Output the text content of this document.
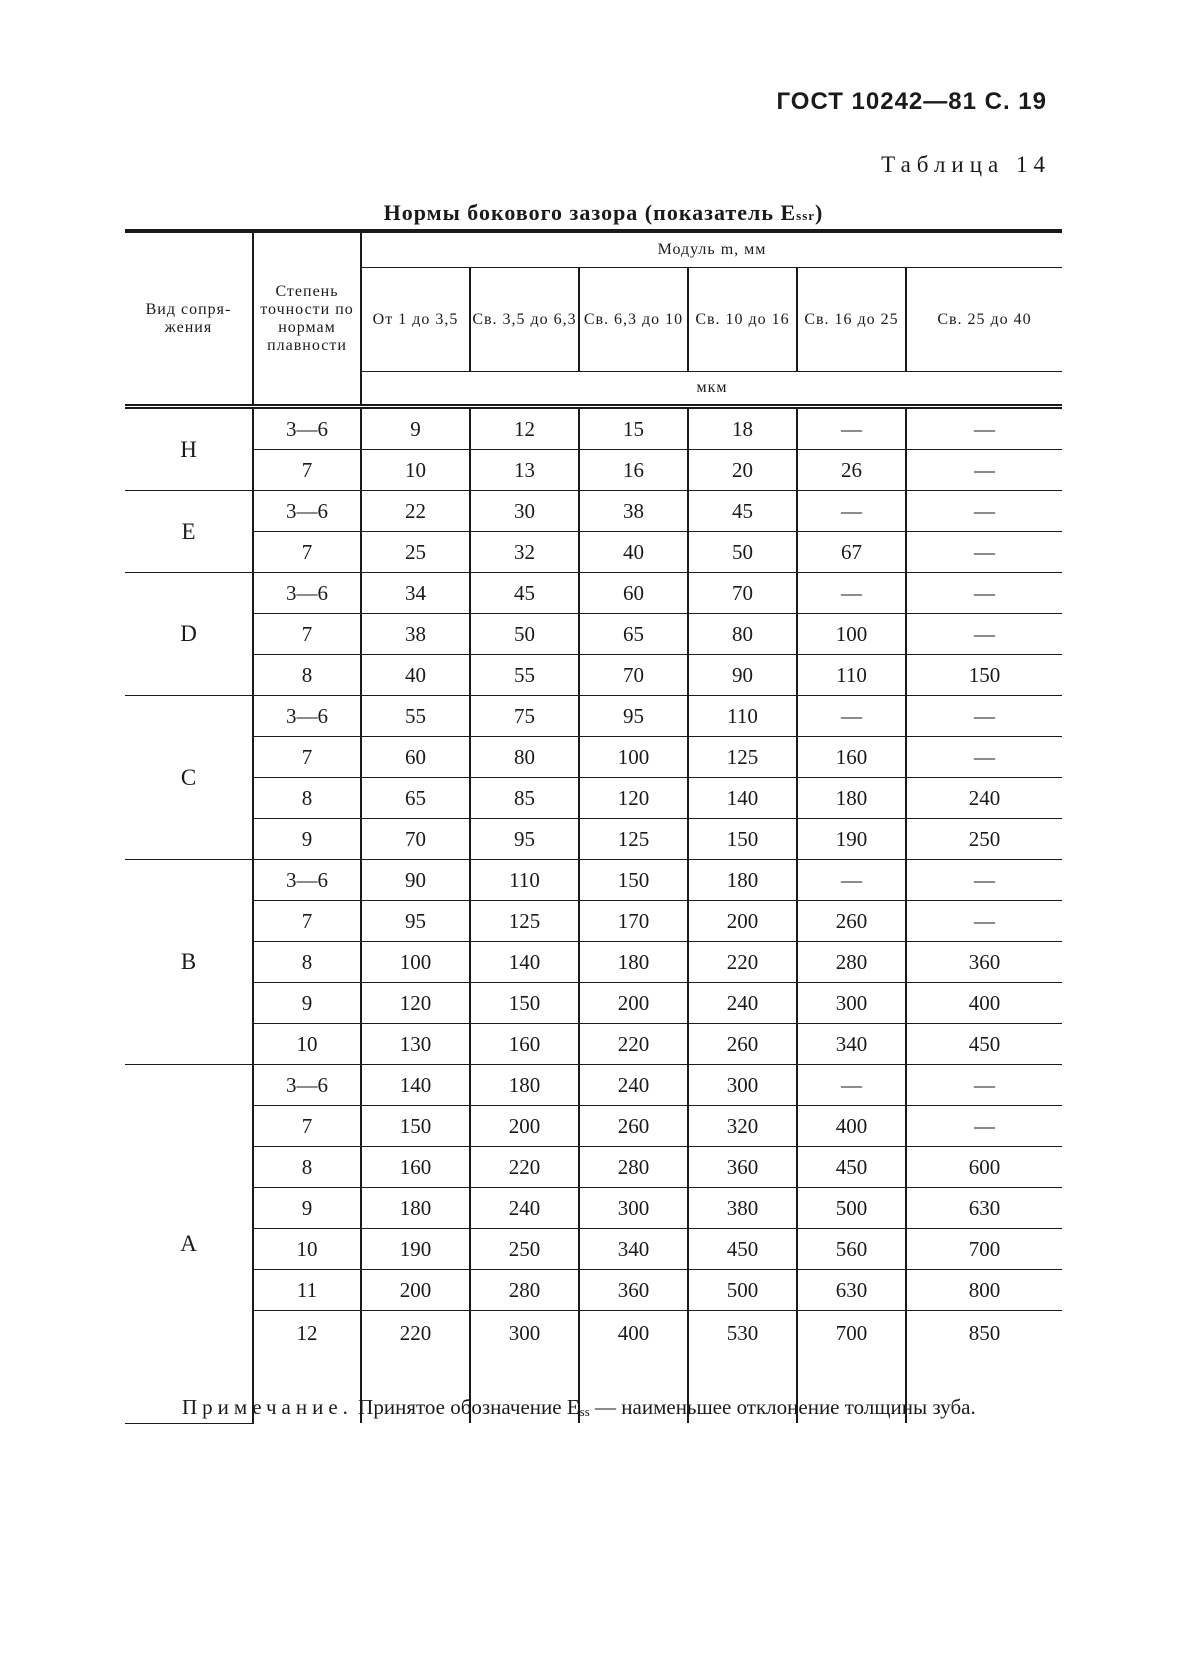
ГОСТ 10242—81 С. 19
Таблица 14
Нормы бокового зазора (показатель Essr)
Вид сопря-жения	Степень точности по нормам плавности	Модуль m, мм					
		От 1 до 3,5	Св. 3,5 до 6,3	Св. 6,3 до 10	Св. 10 до 16	Св. 16 до 25	Св. 25 до 40
		мкм					
H	3—6	9	12	15	18	—	—
	7	10	13	16	20	26	—
E	3—6	22	30	38	45	—	—
	7	25	32	40	50	67	—
D	3—6	34	45	60	70	—	—
	7	38	50	65	80	100	—
	8	40	55	70	90	110	150
C	3—6	55	75	95	110	—	—
	7	60	80	100	125	160	—
	8	65	85	120	140	180	240
	9	70	95	125	150	190	250
B	3—6	90	110	150	180	—	—
	7	95	125	170	200	260	—
	8	100	140	180	220	280	360
	9	120	150	200	240	300	400
	10	130	160	220	260	340	450
A	3—6	140	180	240	300	—	—
	7	150	200	260	320	400	—
	8	160	220	280	360	450	600
	9	180	240	300	380	500	630
	10	190	250	340	450	560	700
	11	200	280	360	500	630	800
	12	220	300	400	530	700	850

Примечание. Принятое обозначение $E_{ss}$ — наименьшее отклонение толщины зуба.
